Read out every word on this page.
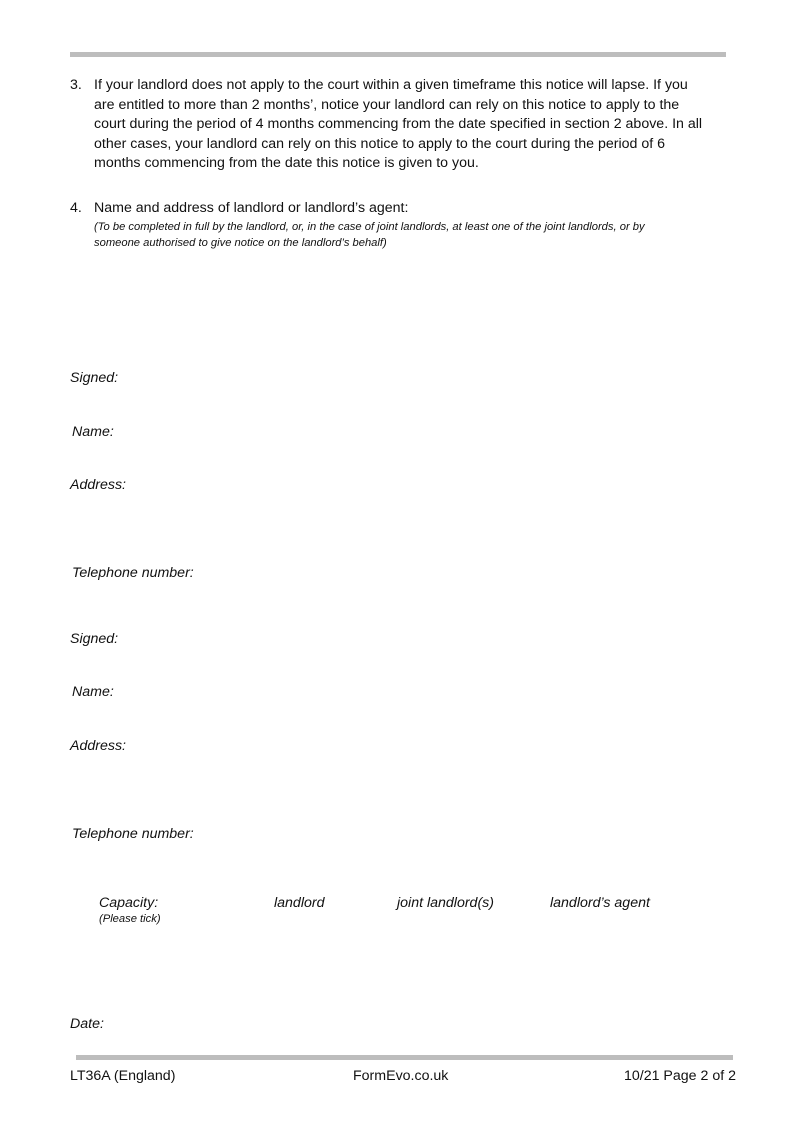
3. If your landlord does not apply to the court within a given timeframe this notice will lapse. If you
are entitled to more than 2 months’, notice your landlord can rely on this notice to apply to the
court during the period of 4 months commencing from the date specified in section 2 above. In all
other cases, your landlord can rely on this notice to apply to the court during the period of 6
months commencing from the date this notice is given to you.
4. Name and address of landlord or landlord’s agent:
(To be completed in full by the landlord, or, in the case of joint landlords, at least one of the joint landlords, or by
someone authorised to give notice on the landlord’s behalf)
Signed:
Name:
Address:
Telephone number:
Signed:
Name:
Address:
Telephone number:
Capacity:
(Please tick)
landlord	joint landlord(s)	landlord’s agent
Date:
LT36A (England)	FormEvo.co.uk	10/21 Page 2 of 2
